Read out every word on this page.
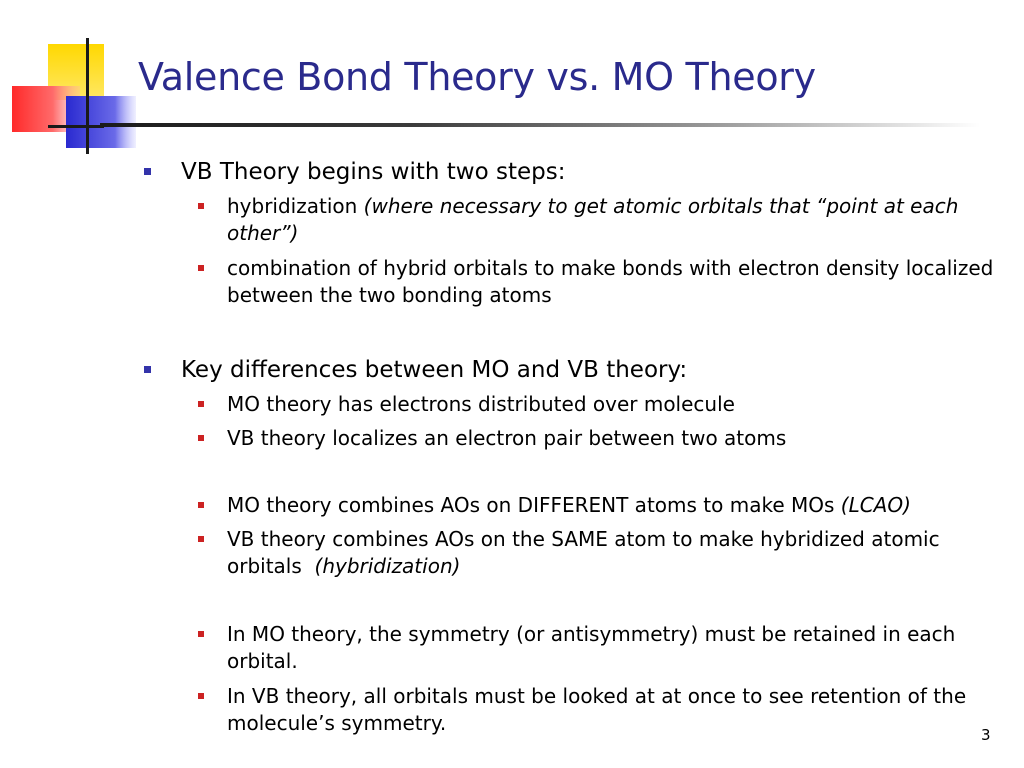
Valence Bond Theory vs. MO Theory
VB Theory begins with two steps:
hybridization (where necessary to get atomic orbitals that “point at each other”)
combination of hybrid orbitals to make bonds with electron density localized between the two bonding atoms
Key differences between MO and VB theory:
MO theory has electrons distributed over molecule
VB theory localizes an electron pair between two atoms
MO theory combines AOs on DIFFERENT atoms to make MOs (LCAO)
VB theory combines AOs on the SAME atom to make hybridized atomic orbitals (hybridization)
In MO theory, the symmetry (or antisymmetry) must be retained in each orbital.
In VB theory, all orbitals must be looked at at once to see retention of the molecule’s symmetry.	3
